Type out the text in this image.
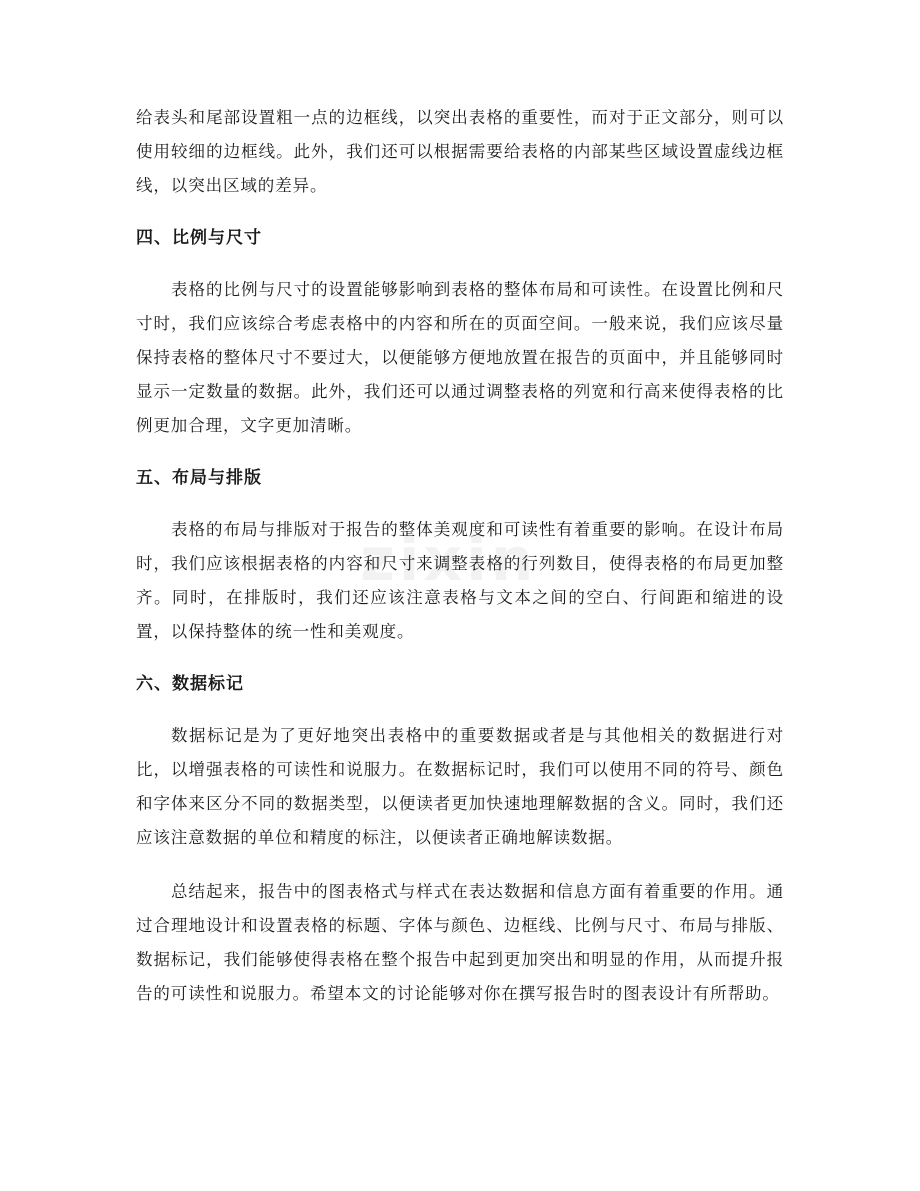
zixin

给表头和尾部设置粗一点的边框线，以突出表格的重要性，而对于正文部分，则可以使用较细的边框线。此外，我们还可以根据需要给表格的内部某些区域设置虚线边框线，以突出区域的差异。

四、比例与尺寸

表格的比例与尺寸的设置能够影响到表格的整体布局和可读性。在设置比例和尺寸时，我们应该综合考虑表格中的内容和所在的页面空间。一般来说，我们应该尽量保持表格的整体尺寸不要过大，以便能够方便地放置在报告的页面中，并且能够同时显示一定数量的数据。此外，我们还可以通过调整表格的列宽和行高来使得表格的比例更加合理，文字更加清晰。

五、布局与排版

表格的布局与排版对于报告的整体美观度和可读性有着重要的影响。在设计布局时，我们应该根据表格的内容和尺寸来调整表格的行列数目，使得表格的布局更加整齐。同时，在排版时，我们还应该注意表格与文本之间的空白、行间距和缩进的设置，以保持整体的统一性和美观度。

六、数据标记

数据标记是为了更好地突出表格中的重要数据或者是与其他相关的数据进行对比，以增强表格的可读性和说服力。在数据标记时，我们可以使用不同的符号、颜色和字体来区分不同的数据类型，以便读者更加快速地理解数据的含义。同时，我们还应该注意数据的单位和精度的标注，以便读者正确地解读数据。

总结起来，报告中的图表格式与样式在表达数据和信息方面有着重要的作用。通过合理地设计和设置表格的标题、字体与颜色、边框线、比例与尺寸、布局与排版、数据标记，我们能够使得表格在整个报告中起到更加突出和明显的作用，从而提升报告的可读性和说服力。希望本文的讨论能够对你在撰写报告时的图表设计有所帮助。
